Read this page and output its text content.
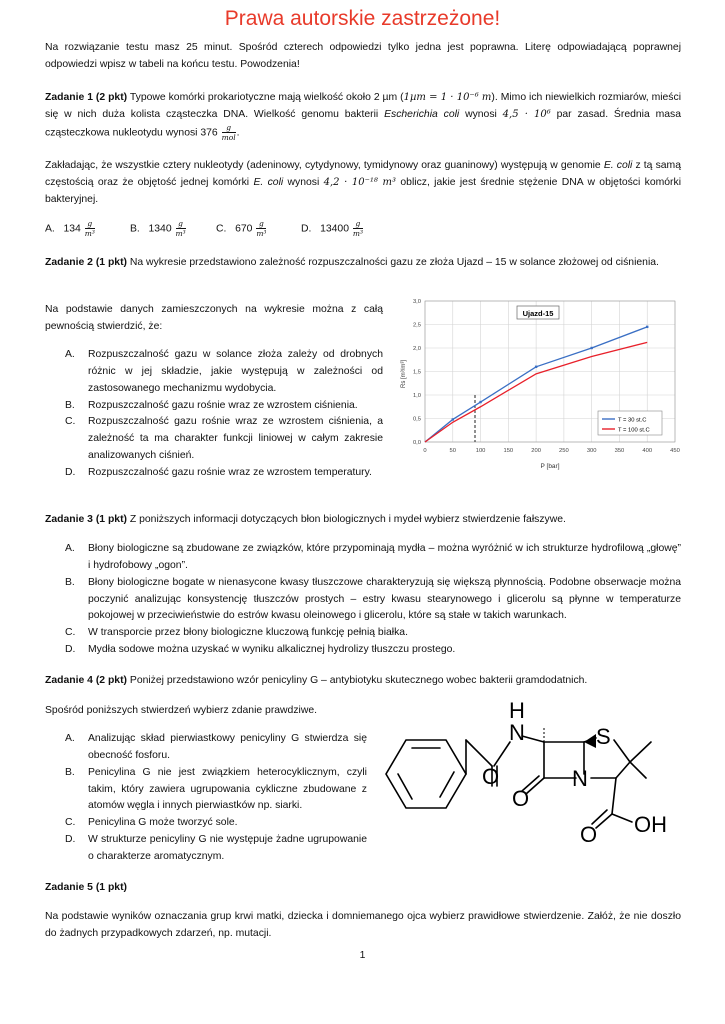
Prawa autorskie zastrzeżone!
Na rozwiązanie testu masz 25 minut. Spośród czterech odpowiedzi tylko jedna jest poprawna. Literę odpowiadającą poprawnej odpowiedzi wpisz w tabeli na końcu testu. Powodzenia!
Zadanie 1 (2 pkt) Typowe komórki prokariotyczne mają wielkość około 2 µm (1µm = 1 · 10⁻⁶ m). Mimo ich niewielkich rozmiarów, mieści się w nich duża kolista cząsteczka DNA. Wielkość genomu bakterii Escherichia coli wynosi 4,5 · 10⁶ par zasad. Średnia masa cząsteczkowa nukleotydu wynosi $376 \frac{g}{\text{mol}}$ .
Zakładając, że wszystkie cztery nukleotydy (adeninowy, cytydynowy, tymidynowy oraz guaninowy) występują w genomie E. coli z tą samą częstością oraz że objętość jednej komórki E. coli wynosi 4,2 · 10⁻¹⁸ m³ oblicz, jakie jest średnie stężenie DNA w objętości komórki bakteryjnej.
A. $134 \frac{g}{\text{m³}}$	B. $1340 \frac{g}{\text{m³}}$	C. $670 \frac{g}{\text{m³}}$	D. $13400 \frac{g}{\text{m³}}$
Zadanie 2 (1 pkt) Na wykresie przedstawiono zależność rozpuszczalności gazu ze złoża Ujazd – 15 w solance złożowej od ciśnienia.
Na podstawie danych zamieszczonych na wykresie można z całą pewnością stwierdzić, że:
A. Rozpuszczalność gazu w solance złoża zależy od drobnych różnic w jej składzie, jakie występują w zależności od zastosowanego mechanizmu wydobycia.
B. Rozpuszczalność gazu rośnie wraz ze wzrostem ciśnienia.
C. Rozpuszczalność gazu rośnie wraz ze wzrostem ciśnienia, a zależność ta ma charakter funkcji liniowej w całym zakresie analizowanych ciśnień.
D. Rozpuszczalność gazu rośnie wraz ze wzrostem temperatury.
0,0
0,5
1,0
1,5
2,0
2,5
3,0
0	50	100	150	200	250	300	350	400	450
Ujazd-15
Rs [m³/m³]
P [bar]
T = 30 st.C
T = 100 st.C
Zadanie 3 (1 pkt) Z poniższych informacji dotyczących błon biologicznych i mydeł wybierz stwierdzenie fałszywe.
A. Błony biologiczne są zbudowane ze związków, które przypominają mydła – można wyróżnić w ich strukturze hydrofilową „głowę” i hydrofobowy „ogon”.
B. Błony biologiczne bogate w nienasycone kwasy tłuszczowe charakteryzują się większą płynnością. Podobne obserwacje można poczynić analizując konsystencję tłuszczów prostych – estry kwasu stearynowego i glicerolu są płynne w temperaturze pokojowej w przeciwieństwie do estrów kwasu oleinowego i glicerolu, które są stałe w takich warunkach.
C. W transporcie przez błony biologiczne kluczową funkcję pełnią białka.
D. Mydła sodowe można uzyskać w wyniku alkalicznej hydrolizy tłuszczu prostego.
Zadanie 4 (2 pkt) Poniżej przedstawiono wzór penicyliny G – antybiotyku skutecznego wobec bakterii gramdodatnich.
Spośród poniższych stwierdzeń wybierz zdanie prawdziwe.
A. Analizując skład pierwiastkowy penicyliny G stwierdza się obecność fosforu.
B. Penicylina G nie jest związkiem heterocyklicznym, czyli takim, który zawiera ugrupowania cykliczne zbudowane z atomów węgla i innych pierwiastków np. siarki.
C. Penicylina G może tworzyć sole.
D. W strukturze penicyliny G nie występuje żadne ugrupowanie o charakterze aromatycznym.
H
N	S
O
O
N
O OH
Zadanie 5 (1 pkt)
Na podstawie wyników oznaczania grup krwi matki, dziecka i domniemanego ojca wybierz prawidłowe stwierdzenie. Załóż, że nie doszło do żadnych przypadkowych zdarzeń, np. mutacji.
1
